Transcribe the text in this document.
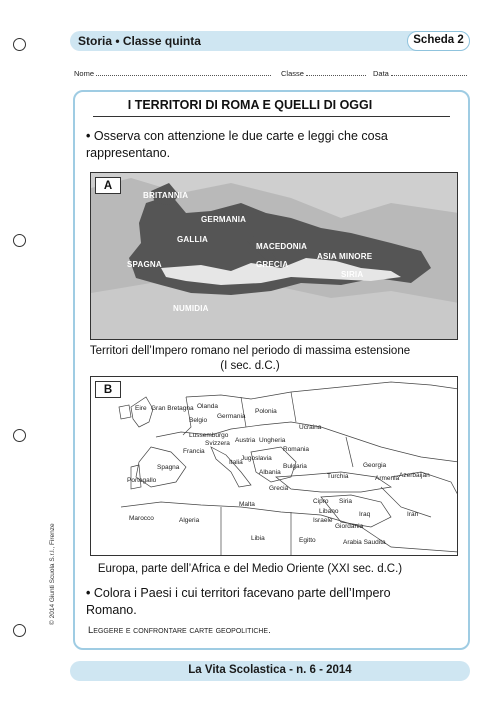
Storia • Classe quinta	Scheda 2
Nome	Classe	Data
I TERRITORI DI ROMA E QUELLI DI OGGI
• Osserva con attenzione le due carte e leggi che cosa
rappresentano.
A
BRITANNIA
GERMANIA
GALLIA
MACEDONIA
SPAGNA	GRECIA
ASIA MINORE
SIRIA
NUMIDIA
Territori dell’Impero romano nel periodo di massima estensione
(I sec. d.C.)
B
Eire Gran Bretagna Olanda
Belgio
Germania
Polonia
Lussemburgo
Svizzera Austria Ungheria
Ucraina
Francia	Romania
Jugoslavia
Italia
Bulgaria
Albania
Spagna
Portogallo
Grecia
Georgia
Turchia	Armenia Azerbaijan
Marocco	Algeria
Malta	Cipro Siria
Libano
Israele
Iraq	Iran
Giordania
Libia	Egitto	Arabia Saudita
Europa, parte dell’Africa e del Medio Oriente (XXI sec. d.C.)
• Colora i Paesi i cui territori facevano parte dell’Impero
Romano.
Leggere e confrontare carte geopolitiche.
© 2014 Giunti Scuola S.r.l., Firenze
La Vita Scolastica - n. 6 - 2014
